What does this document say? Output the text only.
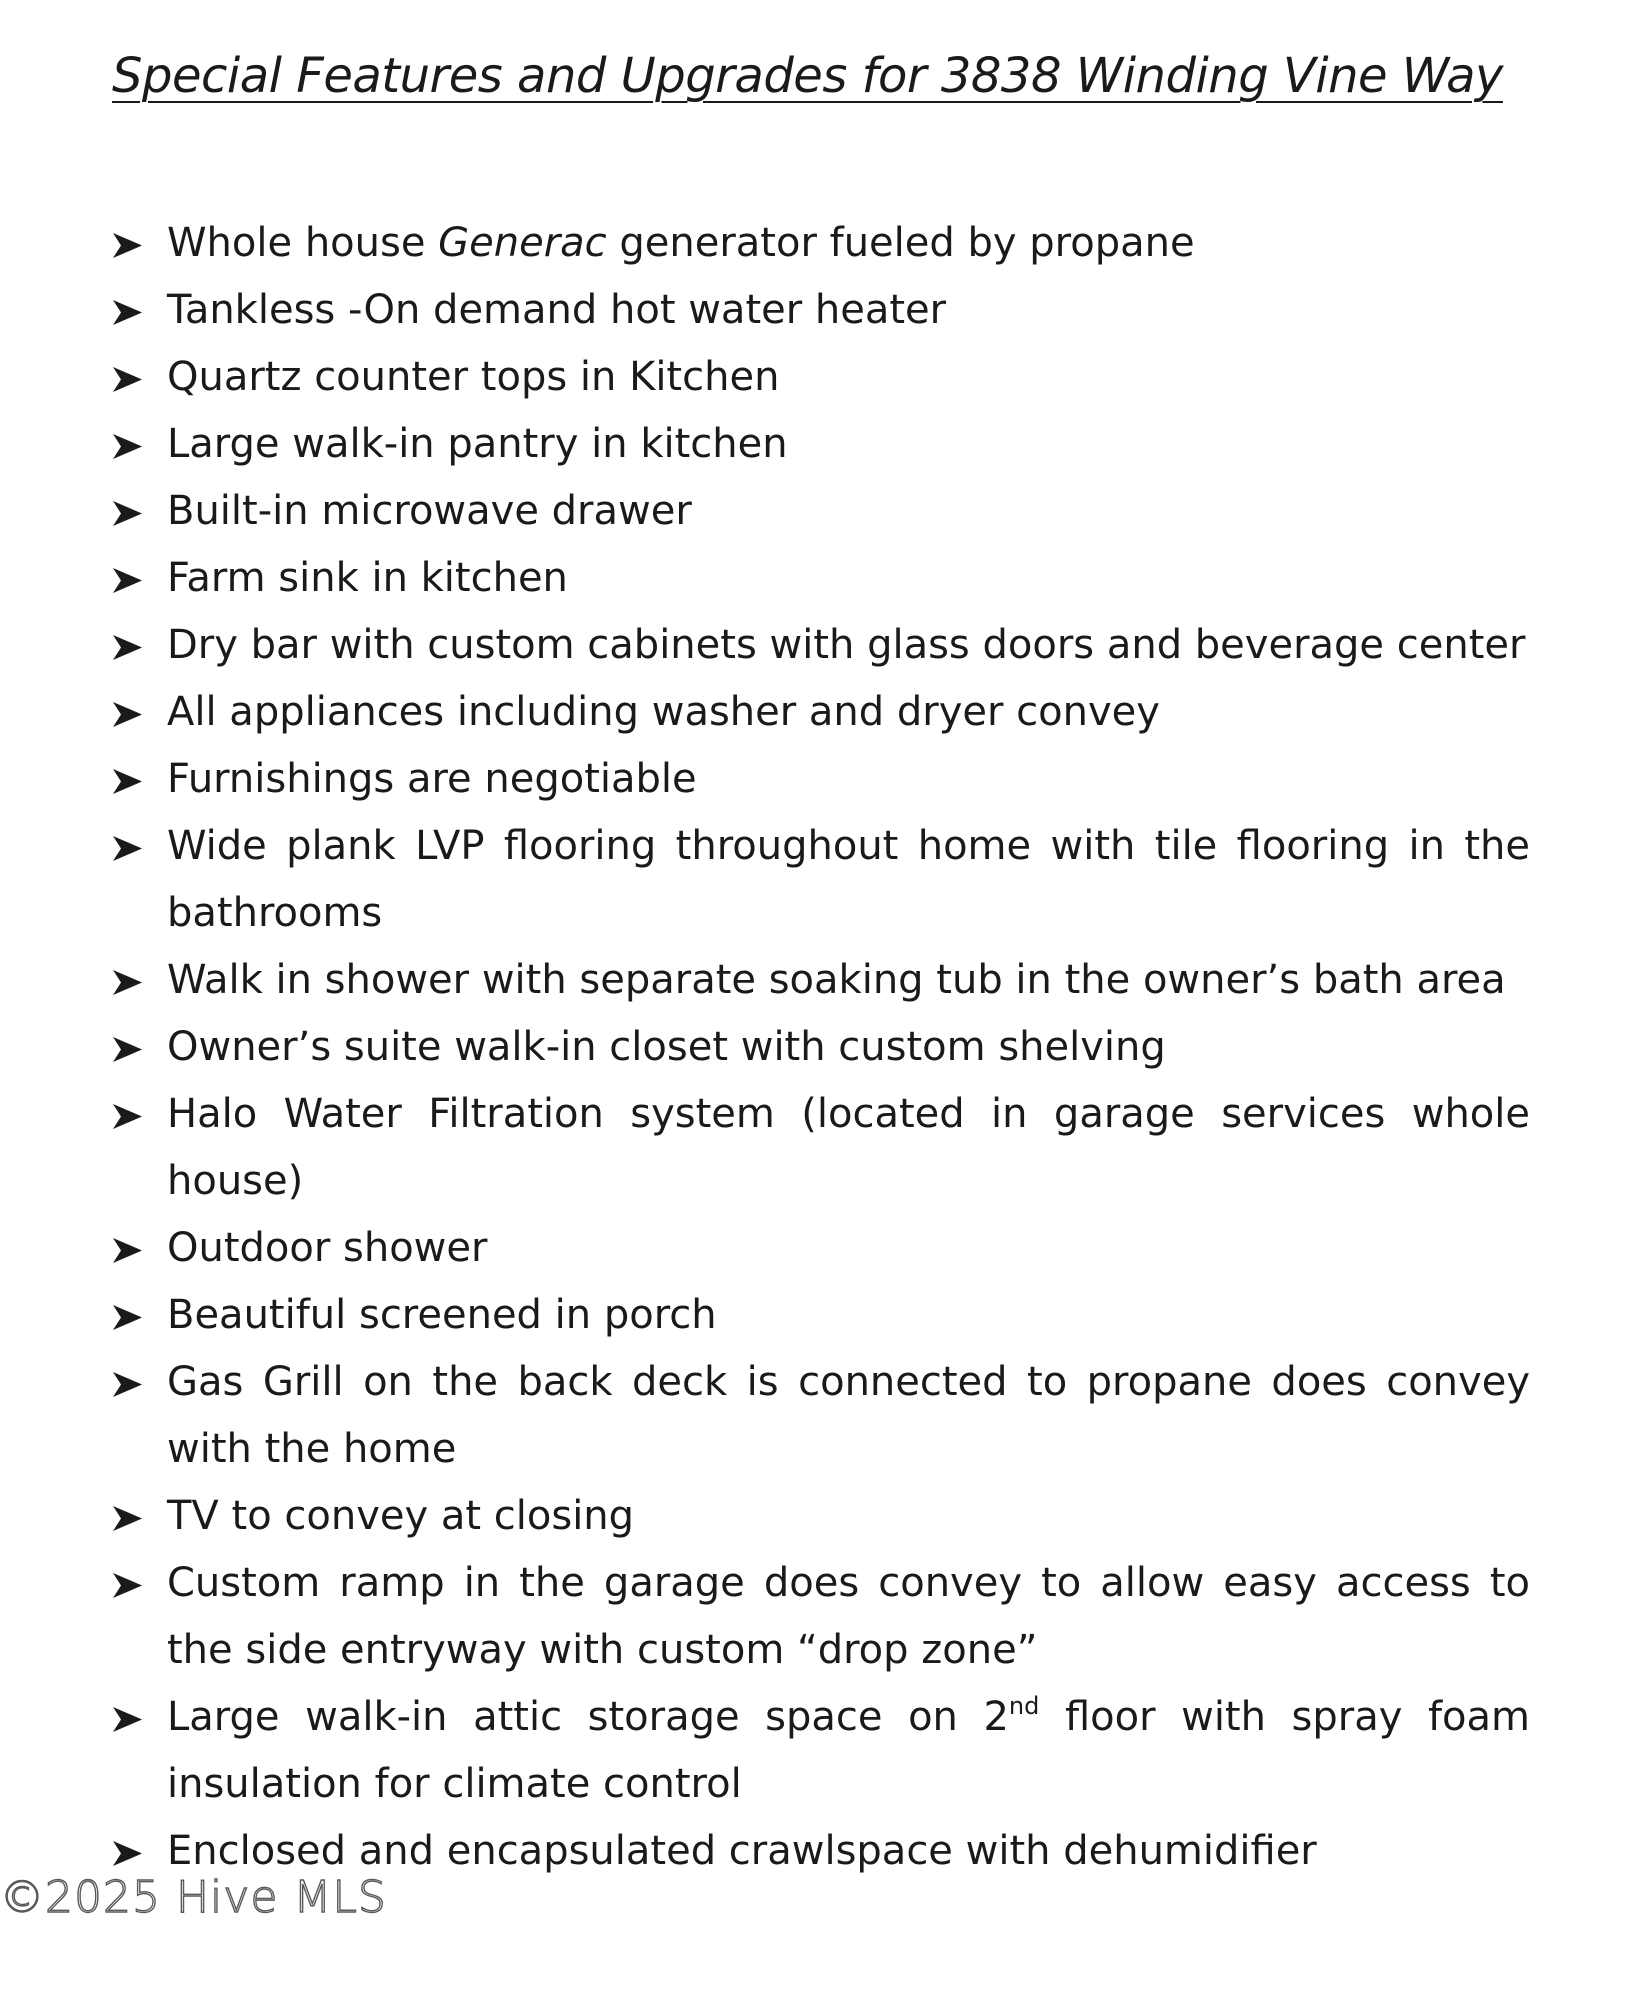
Special Features and Upgrades for 3838 Winding Vine Way
Whole house Generac generator fueled by propane
Tankless -On demand hot water heater
Quartz counter tops in Kitchen
Large walk-in pantry in kitchen
Built-in microwave drawer
Farm sink in kitchen
Dry bar with custom cabinets with glass doors and beverage center
All appliances including washer and dryer convey
Furnishings are negotiable
Wide plank LVP flooring throughout home with tile flooring in the bathrooms
Walk in shower with separate soaking tub in the owner’s bath area
Owner’s suite walk-in closet with custom shelving
Halo Water Filtration system (located in garage services whole house)
Outdoor shower
Beautiful screened in porch
Gas Grill on the back deck is connected to propane does convey with the home
TV to convey at closing
Custom ramp in the garage does convey to allow easy access to the side entryway with custom “drop zone”
Large walk-in attic storage space on 2nd floor with spray foam insulation for climate control
Enclosed and encapsulated crawlspace with dehumidifier
©2025 Hive MLS
